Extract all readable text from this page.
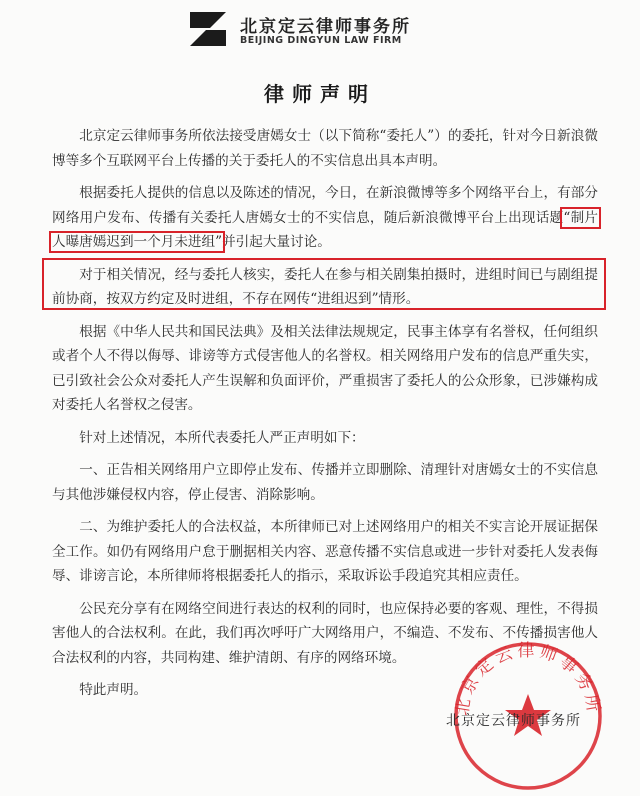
北京定云律师事务所
BEIJING DINGYUN LAW FIRM
律师声明

北京定云律师事务所依法接受唐嫣女士（以下简称“委托人”）的委托，针对今日新浪微博等多个互联网平台上传播的关于委托人的不实信息出具本声明。

根据委托人提供的信息以及陈述的情况，今日，在新浪微博等多个网络平台上，有部分网络用户发布、传播有关委托人唐嫣女士的不实信息，随后新浪微博平台上出现话题“制片人曝唐嫣迟到一个月未进组”并引起大量讨论。

对于相关情况，经与委托人核实，委托人在参与相关剧集拍摄时，进组时间已与剧组提前协商，按双方约定及时进组，不存在网传“进组迟到”情形。

根据《中华人民共和国民法典》及相关法律法规规定，民事主体享有名誉权，任何组织或者个人不得以侮辱、诽谤等方式侵害他人的名誉权。相关网络用户发布的信息严重失实，已引致社会公众对委托人产生误解和负面评价，严重损害了委托人的公众形象，已涉嫌构成对委托人名誉权之侵害。

针对上述情况，本所代表委托人严正声明如下：

一、正告相关网络用户立即停止发布、传播并立即删除、清理针对唐嫣女士的不实信息与其他涉嫌侵权内容，停止侵害、消除影响。

二、为维护委托人的合法权益，本所律师已对上述网络用户的相关不实言论开展证据保全工作。如仍有网络用户怠于删据相关内容、恶意传播不实信息或进一步针对委托人发表侮辱、诽谤言论，本所律师将根据委托人的指示，采取诉讼手段追究其相应责任。

公民充分享有在网络空间进行表达的权利的同时，也应保持必要的客观、理性，不得损害他人的合法权利。在此，我们再次呼吁广大网络用户，不编造、不发布、不传播损害他人合法权利的内容，共同构建、维护清朗、有序的网络环境。

特此声明。

北京定云律师事务所
北京定云律师事务所
